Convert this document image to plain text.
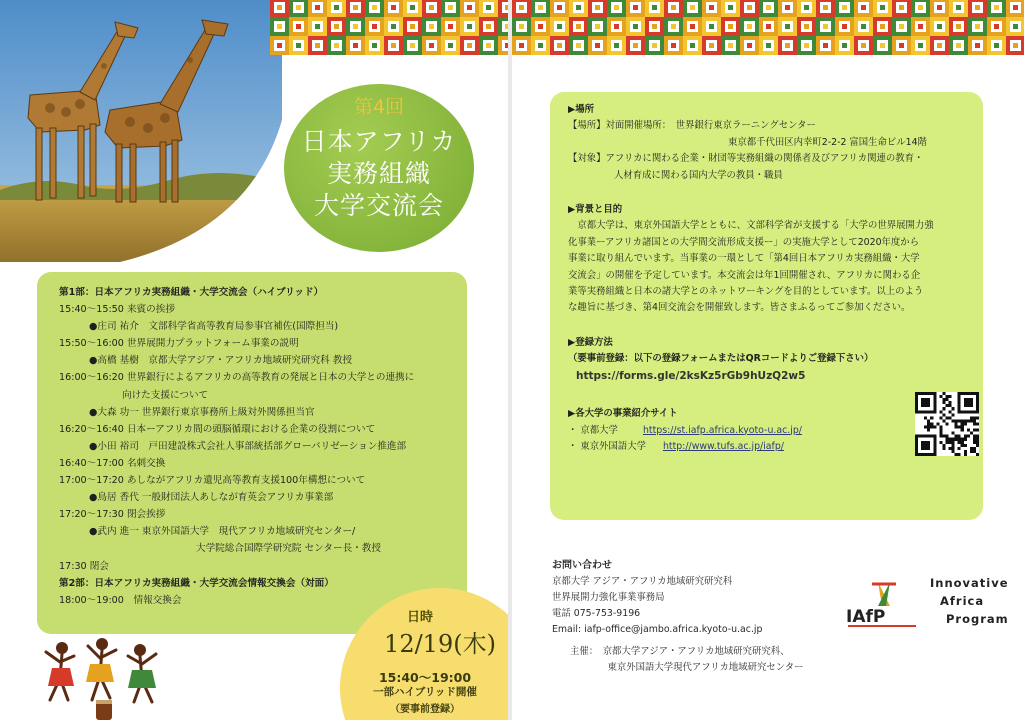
第4回
日本アフリカ
実務組織
大学交流会
第1部：日本アフリカ実務組織・大学交流会（ハイブリッド）
15:40～15:50 来賓の挨拶
●庄司 祐介　文部科学省高等教育局参事官補佐(国際担当)
15:50～16:00 世界展開力プラットフォーム事業の説明
●高橋 基樹　京都大学アジア・アフリカ地域研究研究科 教授
16:00～16:20 世界銀行によるアフリカの高等教育の発展と日本の大学との連携に
向けた支援について
●大森 功一 世界銀行東京事務所上級対外関係担当官
16:20～16:40 日本ーアフリカ間の頭脳循環における企業の役割について
●小田 裕司　戸田建設株式会社人事部統括部グローバリゼーション推進部
16:40～17:00 名刺交換
17:00～17:20 あしながアフリカ遺児高等教育支援100年構想について
●鳥居 香代 一般財団法人あしなが育英会アフリカ事業部
17:20～17:30 閉会挨拶
●武内 進一 東京外国語大学　現代アフリカ地域研究センター/
大学院総合国際学研究院 センター長・教授
17:30 閉会
第2部：日本アフリカ実務組織・大学交流会情報交換会（対面）
18:00～19:00　情報交換会
日時
12/19(木)
15:40～19:00
一部ハイブリッド開催
（要事前登録）
▶場所
【場所】対面開催場所：　世界銀行東京ラーニングセンター
東京都千代田区内幸町2-2-2 富国生命ビル14階
【対象】アフリカに関わる企業・財団等実務組織の関係者及びアフリカ関連の教育・
人材育成に関わる国内大学の教員・職員
▶背景と目的
　京都大学は、東京外国語大学とともに、文部科学省が支援する「大学の世界展開力強
化事業ーアフリカ諸国との大学間交流形成支援ー」の実施大学として2020年度から
事業に取り組んでいます。当事業の一環として「第4回日本アフリカ実務組織・大学
交流会」の開催を予定しています。本交流会は年1回開催され、アフリカに関わる企
業等実務組織と日本の諸大学とのネットワーキングを目的としています。以上のよう
な趣旨に基づき、第4回交流会を開催致します。皆さまふるってご参加ください。
▶登録方法
（要事前登録：以下の登録フォームまたはQRコードよりご登録下さい）
https://forms.gle/2ksKz5rGb9hUzQ2w5
▶各大学の事業紹介サイト
・ 京都大学	https://st.iafp.africa.kyoto-u.ac.jp/
・ 東京外国語大学 http://www.tufs.ac.jp/iafp/
お問い合わせ
京都大学 アジア・アフリカ地域研究研究科
世界展開力強化事業事務局
電話 075-753-9196
Email: iafp-office@jambo.africa.kyoto-u.ac.jp
主催：　京都大学アジア・アフリカ地域研究研究科、
　　　　東京外国語大学現代アフリカ地域研究センター
IAfP
Innovative
Africa
Program
